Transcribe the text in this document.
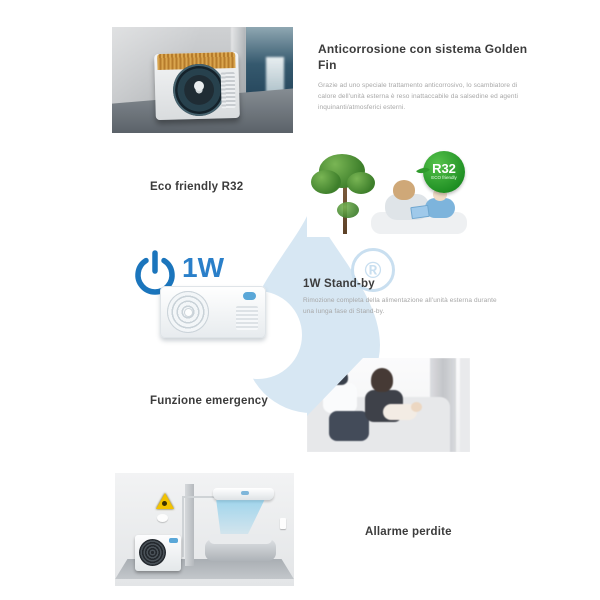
®
Anticorrosione con sistema Golden Fin
Grazie ad uno speciale trattamento anticorrosivo, lo scambiatore di calore dell'unità esterna è reso inattaccabile da salsedine ed agenti inquinanti/atmosferici esterni.
Eco friendly R32
R32
ECO friendly
1W
1W Stand-by
Rimozione completa della alimentazione all'unità esterna durante una lunga fase di Stand-by.
Funzione emergency
Allarme perdite
